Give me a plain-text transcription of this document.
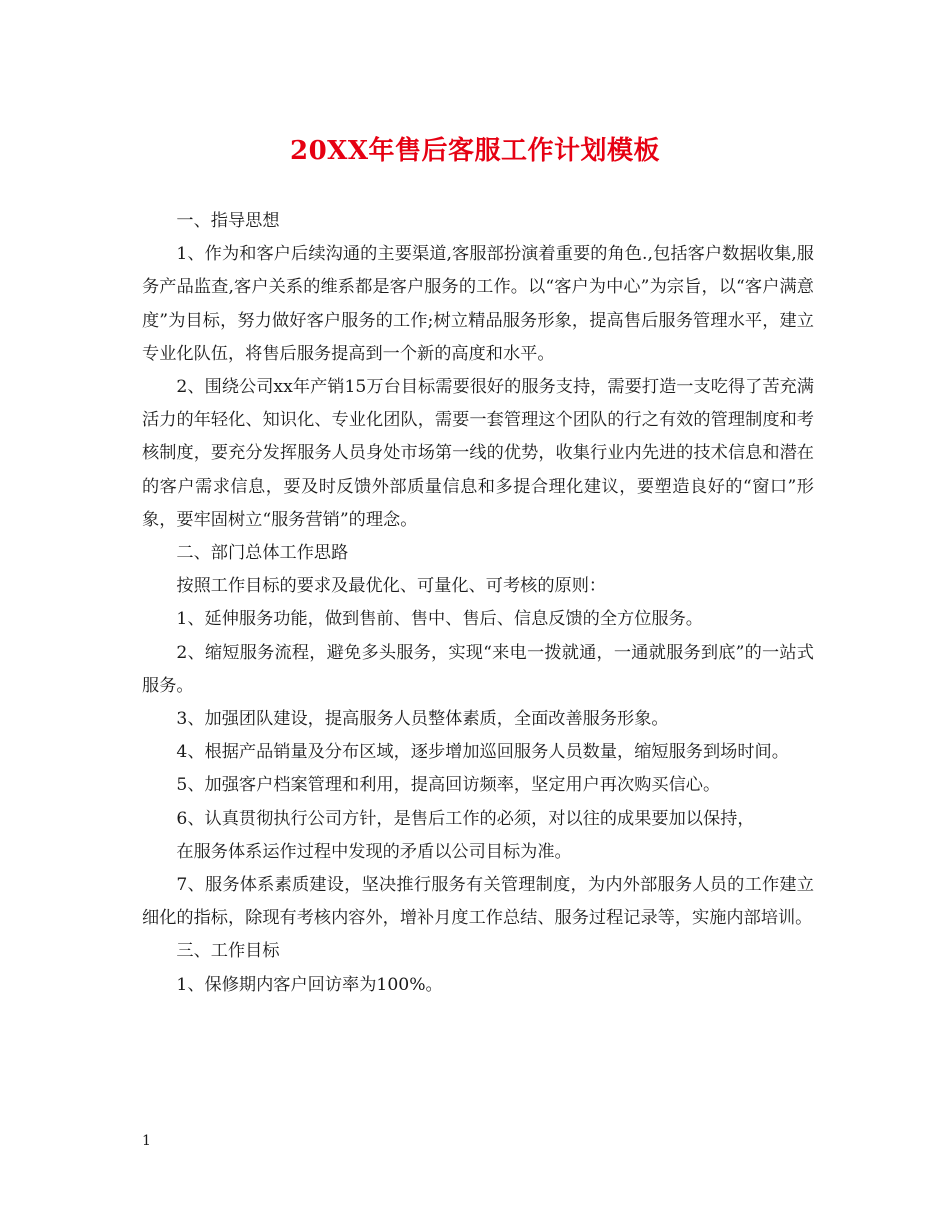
20XX年售后客服工作计划模板

一、指导思想

1、作为和客户后续沟通的主要渠道,客服部扮演着重要的角色.,包括客户数据收集,服务产品监查,客户关系的维系都是客户服务的工作。以“客户为中心”为宗旨，以“客户满意度”为目标，努力做好客户服务的工作;树立精品服务形象，提高售后服务管理水平，建立专业化队伍，将售后服务提高到一个新的高度和水平。

2、围绕公司xx年产销15万台目标需要很好的服务支持，需要打造一支吃得了苦充满活力的年轻化、知识化、专业化团队，需要一套管理这个团队的行之有效的管理制度和考核制度，要充分发挥服务人员身处市场第一线的优势，收集行业内先进的技术信息和潜在的客户需求信息，要及时反馈外部质量信息和多提合理化建议，要塑造良好的“窗口”形象，要牢固树立“服务营销”的理念。

二、部门总体工作思路

按照工作目标的要求及最优化、可量化、可考核的原则：

1、延伸服务功能，做到售前、售中、售后、信息反馈的全方位服务。

2、缩短服务流程，避免多头服务，实现“来电一拨就通，一通就服务到底”的一站式服务。

3、加强团队建设，提高服务人员整体素质，全面改善服务形象。

4、根据产品销量及分布区域，逐步增加巡回服务人员数量，缩短服务到场时间。

5、加强客户档案管理和利用，提高回访频率，坚定用户再次购买信心。

6、认真贯彻执行公司方针，是售后工作的必须，对以往的成果要加以保持，

在服务体系运作过程中发现的矛盾以公司目标为准。

7、服务体系素质建设，坚决推行服务有关管理制度，为内外部服务人员的工作建立细化的指标，除现有考核内容外，增补月度工作总结、服务过程记录等，实施内部培训。

三、工作目标

1、保修期内客户回访率为100%。

1
